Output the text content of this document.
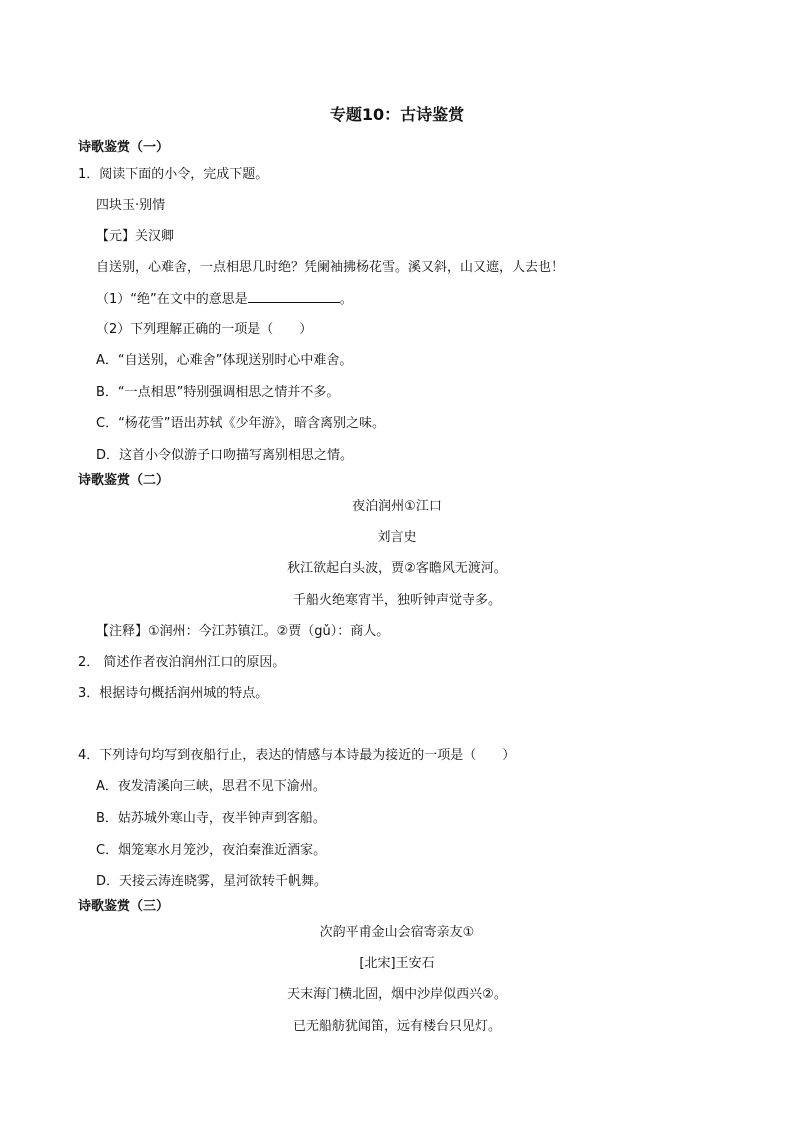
专题10：古诗鉴赏
诗歌鉴赏（一）
1．阅读下面的小令，完成下题。
四块玉·别情
【元】关汉卿
自送别，心难舍，一点相思几时绝？凭阑袖拂杨花雪。溪又斜，山又遮，人去也！
（1）“绝”在文中的意思是	。
（2）下列理解正确的一项是（　　）
A．“自送别，心难舍”体现送别时心中难舍。
B．“一点相思”特别强调相思之情并不多。
C．“杨花雪”语出苏轼《少年游》，暗含离别之味。
D．这首小令似游子口吻描写离别相思之情。
诗歌鉴赏（二）
夜泊润州①江口
刘言史
秋江欲起白头波，贾②客瞻风无渡河。
千船火绝寒宵半，独听钟声觉寺多。
【注释】①润州：今江苏镇江。②贾（gǔ）：商人。
2． 简述作者夜泊润州江口的原因。
3．根据诗句概括润州城的特点。
4．下列诗句均写到夜船行止，表达的情感与本诗最为接近的一项是（　　）
A．夜发清溪向三峡，思君不见下渝州。
B．姑苏城外寒山寺，夜半钟声到客船。
C．烟笼寒水月笼沙，夜泊秦淮近酒家。
D．天接云涛连晓雾，星河欲转千帆舞。
诗歌鉴赏（三）
次韵平甫金山会宿寄亲友①
[北宋]王安石
天末海门横北固，烟中沙岸似西兴②。
已无船舫犹闻笛，远有楼台只见灯。
